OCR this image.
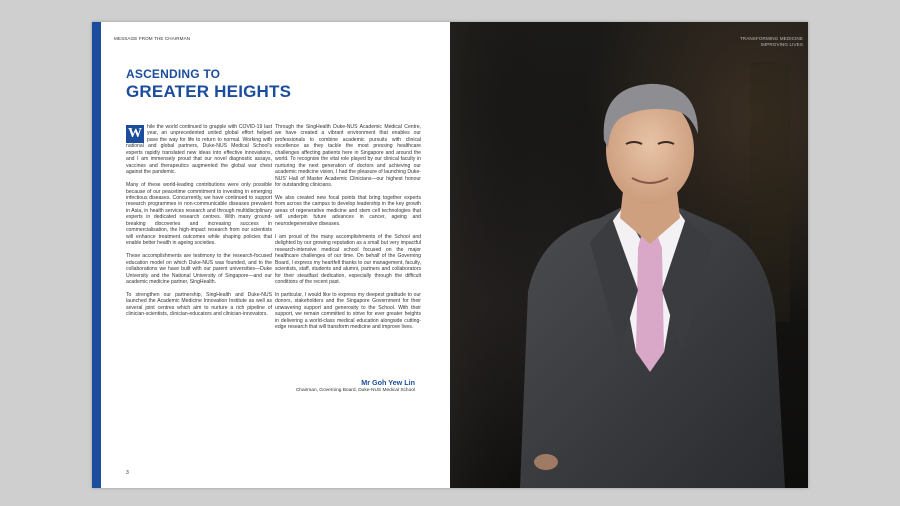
MESSAGE FROM THE CHAIRMAN
ASCENDING TO
GREATER HEIGHTS

W hile the world continued to grapple with COVID-19 last year, an unprecedented united global effort helped pave the way for life to return to normal. Working with national and global partners, Duke-NUS Medical School's experts rapidly translated new ideas into effective innovations, and I am immensely proud that our novel diagnostic assays, vaccines and therapeutics augmented the global war chest against the pandemic.

Many of these world-leading contributions were only possible because of our peacetime commitment to investing in emerging infectious diseases. Concurrently, we have continued to support research programmes in non-communicable diseases prevalent in Asia, in health services research and through multidisciplinary experts in dedicated research centres. With many ground-breaking discoveries and increasing success in commercialisation, the high-impact research from our scientists will enhance treatment outcomes while shaping policies that enable better health in ageing societies.

These accomplishments are testimony to the research-focused education model on which Duke-NUS was founded, and to the collaborations we have built with our parent universities—Duke University and the National University of Singapore—and our academic medicine partner, SingHealth.

To strengthen our partnership, SingHealth and Duke-NUS launched the Academic Medicine Innovation Institute as well as several joint centres which aim to nurture a rich pipeline of clinician-scientists, clinician-educators and clinician-innovators.

Through the SingHealth Duke-NUS Academic Medical Centre, we have created a vibrant environment that enables our professionals to combine academic pursuits with clinical excellence as they tackle the most pressing healthcare challenges affecting patients here in Singapore and around the world. To recognise the vital role played by our clinical faculty in nurturing the next generation of doctors and achieving our academic medicine vision, I had the pleasure of launching Duke-NUS' Hall of Master Academic Clinicians—our highest honour for outstanding clinicians.

We also created new focal points that bring together experts from across the campus to develop leadership in the key growth areas of regenerative medicine and stem cell technologies that will underpin future advances in cancer, ageing and neurodegenerative diseases.

I am proud of the many accomplishments of the School and delighted by our growing reputation as a small but very impactful research-intensive medical school focused on the major healthcare challenges of our time. On behalf of the Governing Board, I express my heartfelt thanks to our management, faculty, scientists, staff, students and alumni, partners and collaborators for their steadfast dedication, especially through the difficult conditions of the recent past.

In particular, I would like to express my deepest gratitude to our donors, stakeholders and the Singapore Government for their unwavering support and generosity to the School. With their support, we remain committed to strive for ever greater heights in delivering a world-class medical education alongside cutting-edge research that will transform medicine and improve lives.

Mr Goh Yew Lin
Chairman, Governing Board, Duke-NUS Medical School
3
TRANSFORMING MEDICINE IMPROVING LIVES
